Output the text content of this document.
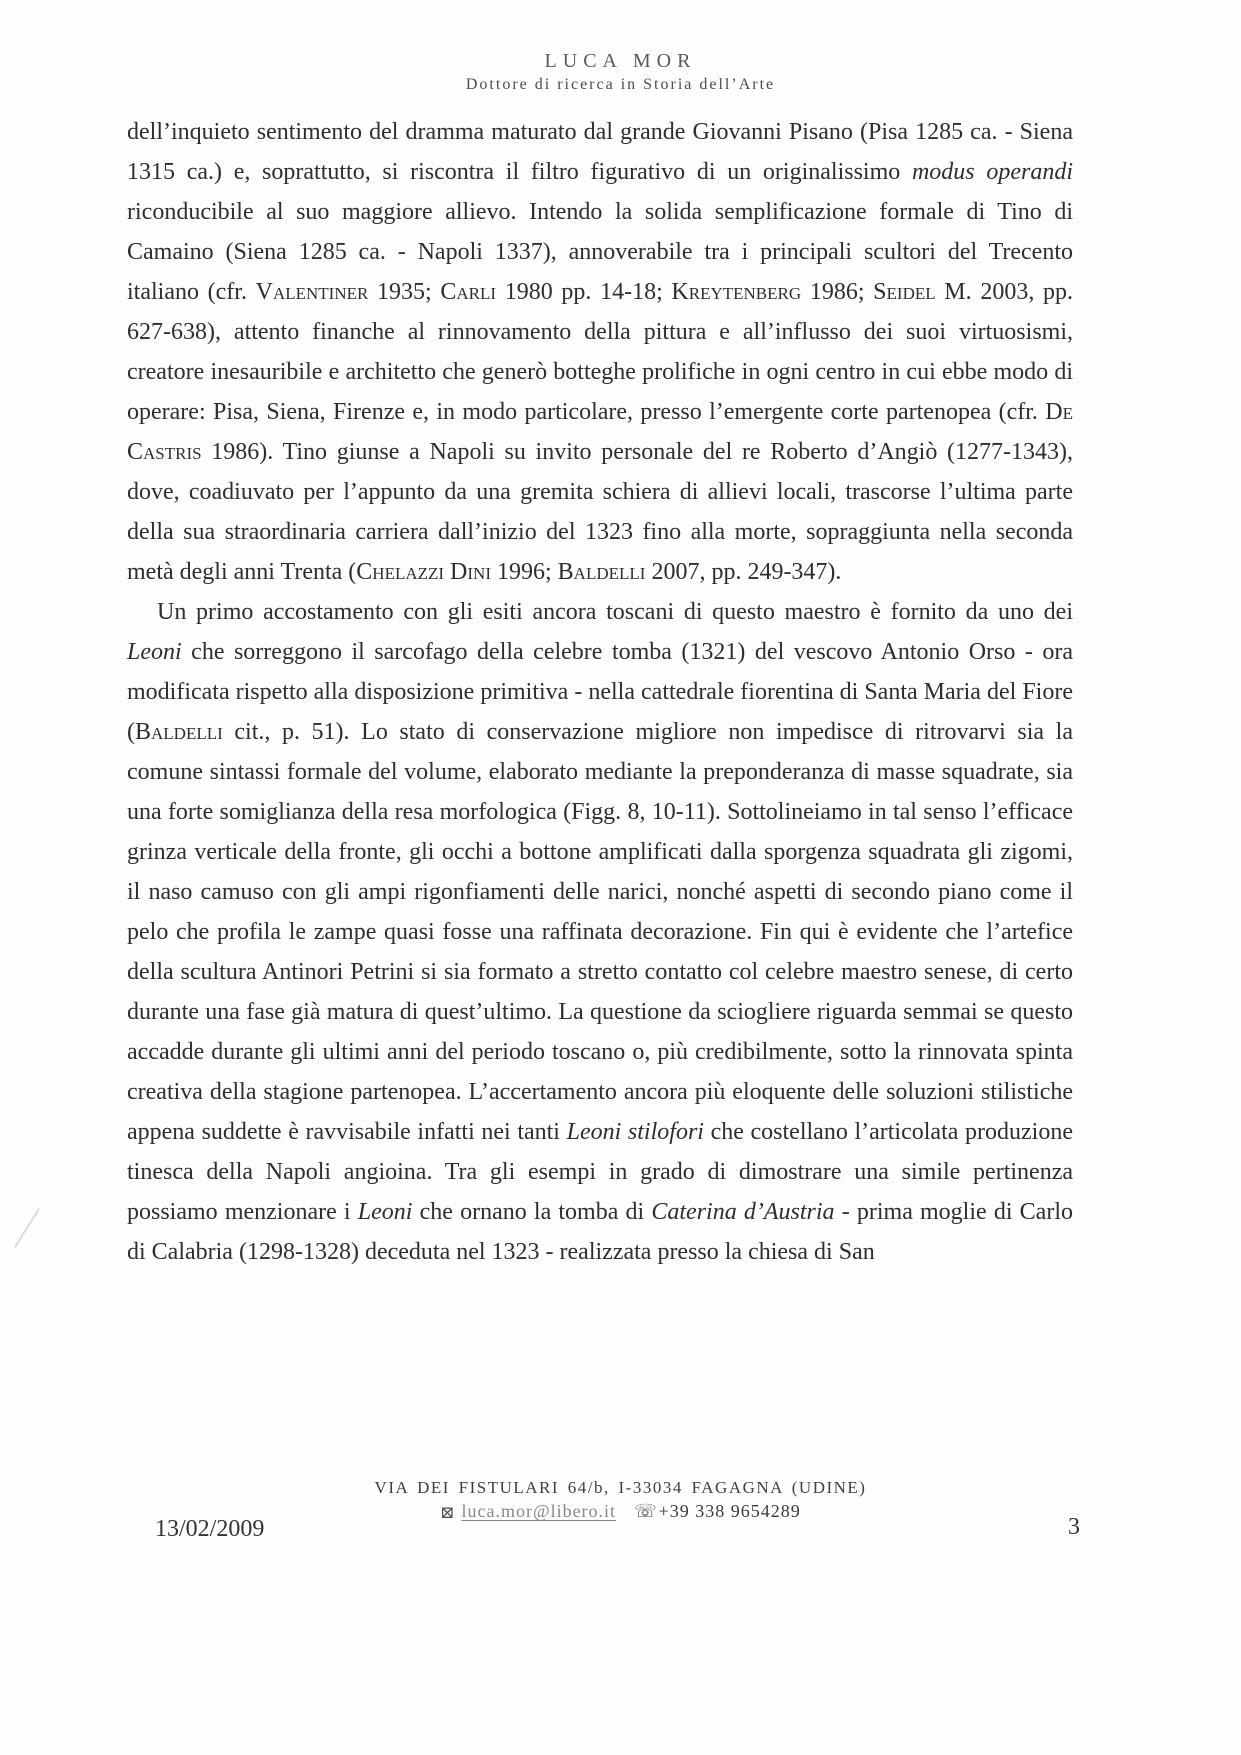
LUCA MOR
Dottore di ricerca in Storia dell’Arte

dell’inquieto sentimento del dramma maturato dal grande Giovanni Pisano (Pisa 1285 ca. - Siena 1315 ca.) e, soprattutto, si riscontra il filtro figurativo di un originalissimo modus operandi riconducibile al suo maggiore allievo. Intendo la solida semplificazione formale di Tino di Camaino (Siena 1285 ca. - Napoli 1337), annoverabile tra i principali scultori del Trecento italiano (cfr. Valentiner 1935; Carli 1980 pp. 14-18; Kreytenberg 1986; Seidel M. 2003, pp. 627-638), attento finanche al rinnovamento della pittura e all’influsso dei suoi virtuosismi, creatore inesauribile e architetto che generò botteghe prolifiche in ogni centro in cui ebbe modo di operare: Pisa, Siena, Firenze e, in modo particolare, presso l’emergente corte partenopea (cfr. De Castris 1986). Tino giunse a Napoli su invito personale del re Roberto d’Angiò (1277-1343), dove, coadiuvato per l’appunto da una gremita schiera di allievi locali, trascorse l’ultima parte della sua straordinaria carriera dall’inizio del 1323 fino alla morte, sopraggiunta nella seconda metà degli anni Trenta (Chelazzi Dini 1996; Baldelli 2007, pp. 249-347).

Un primo accostamento con gli esiti ancora toscani di questo maestro è fornito da uno dei Leoni che sorreggono il sarcofago della celebre tomba (1321) del vescovo Antonio Orso - ora modificata rispetto alla disposizione primitiva - nella cattedrale fiorentina di Santa Maria del Fiore (Baldelli cit., p. 51). Lo stato di conservazione migliore non impedisce di ritrovarvi sia la comune sintassi formale del volume, elaborato mediante la preponderanza di masse squadrate, sia una forte somiglianza della resa morfologica (Figg. 8, 10-11). Sottolineiamo in tal senso l’efficace grinza verticale della fronte, gli occhi a bottone amplificati dalla sporgenza squadrata gli zigomi, il naso camuso con gli ampi rigonfiamenti delle narici, nonché aspetti di secondo piano come il pelo che profila le zampe quasi fosse una raffinata decorazione. Fin qui è evidente che l’artefice della scultura Antinori Petrini si sia formato a stretto contatto col celebre maestro senese, di certo durante una fase già matura di quest’ultimo. La questione da sciogliere riguarda semmai se questo accadde durante gli ultimi anni del periodo toscano o, più credibilmente, sotto la rinnovata spinta creativa della stagione partenopea. L’accertamento ancora più eloquente delle soluzioni stilistiche appena suddette è ravvisabile infatti nei tanti Leoni stilofori che costellano l’articolata produzione tinesca della Napoli angioina. Tra gli esempi in grado di dimostrare una simile pertinenza possiamo menzionare i Leoni che ornano la tomba di Caterina d’Austria - prima moglie di Carlo di Calabria (1298-1328) deceduta nel 1323 - realizzata presso la chiesa di San

VIA DEI FISTULARI 64/b, I-33034 FAGAGNA (UDINE)
⊠ luca.mor@libero.it ☏ +39 338 9654289
13/02/2009	3
